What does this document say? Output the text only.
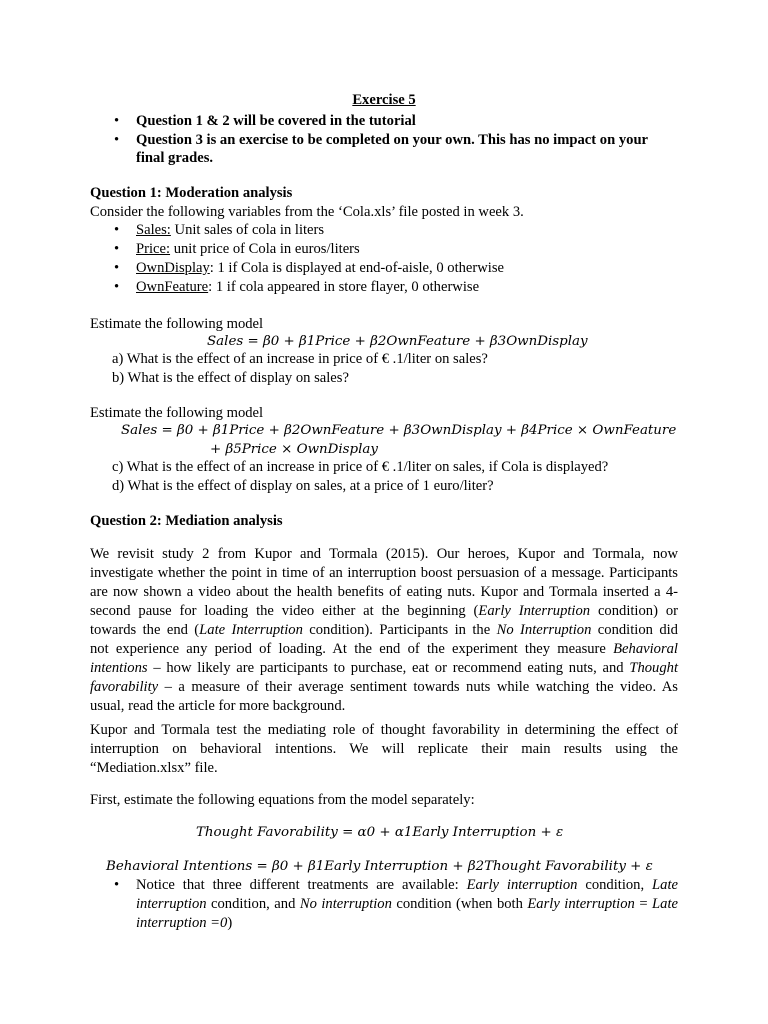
Exercise 5
• Question 1 & 2 will be covered in the tutorial
• Question 3 is an exercise to be completed on your own. This has no impact on your
final grades.
Question 1: Moderation analysis
Consider the following variables from the ‘Cola.xls’ file posted in week 3.
• Sales: Unit sales of cola in liters
• Price: unit price of Cola in euros/liters
• OwnDisplay: 1 if Cola is displayed at end-of-aisle, 0 otherwise
• OwnFeature: 1 if cola appeared in store flayer, 0 otherwise
Estimate the following model
Sales = β0 + β1Price + β2OwnFeature + β3OwnDisplay
a) What is the effect of an increase in price of € .1/liter on sales?
b) What is the effect of display on sales?
Estimate the following model
Sales = β0 + β1Price + β2OwnFeature + β3OwnDisplay + β4Price × OwnFeature
+ β5Price × OwnDisplay
c) What is the effect of an increase in price of € .1/liter on sales, if Cola is displayed?
d) What is the effect of display on sales, at a price of 1 euro/liter?
Question 2: Mediation analysis
We revisit study 2 from Kupor and Tormala (2015). Our heroes, Kupor and Tormala, now
investigate whether the point in time of an interruption boost persuasion of a message. Participants
are now shown a video about the health benefits of eating nuts. Kupor and Tormala inserted a 4-
second pause for loading the video either at the beginning (Early Interruption condition) or
towards the end (Late Interruption condition). Participants in the No Interruption condition did
not experience any period of loading. At the end of the experiment they measure Behavioral
intentions – how likely are participants to purchase, eat or recommend eating nuts, and Thought
favorability – a measure of their average sentiment towards nuts while watching the video. As
usual, read the article for more background.
Kupor and Tormala test the mediating role of thought favorability in determining the effect of
interruption on behavioral intentions. We will replicate their main results using the
“Mediation.xlsx” file.
First, estimate the following equations from the model separately:
Thought Favorability = α0 + α1Early Interruption + ε
Behavioral Intentions = β0 + β1Early Interruption + β2Thought Favorability + ε
• Notice that three different treatments are available: Early interruption condition, Late
interruption condition, and No interruption condition (when both Early interruption = Late
interruption =0)
